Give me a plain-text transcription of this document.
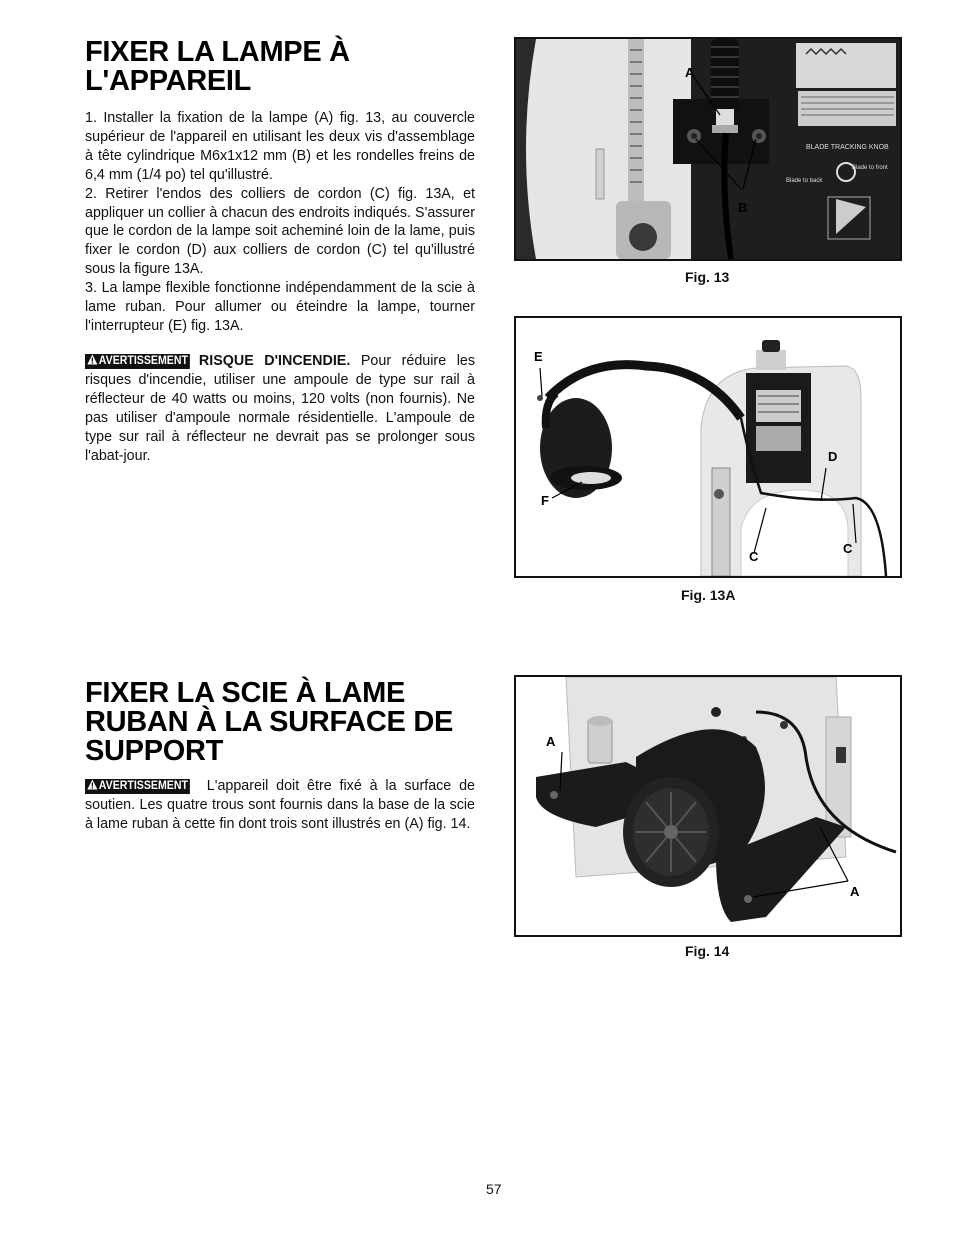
FIXER LA LAMPE À L'APPAREIL

1. Installer la fixation de la lampe (A) fig. 13, au couvercle supérieur de l'appareil en utilisant les deux vis d'assemblage à tête cylindrique M6x1x12 mm (B) et les rondelles freins de 6,4 mm (1/4 po) tel qu'illustré.

2. Retirer l'endos des colliers de cordon (C) fig. 13A, et appliquer un collier à chacun des endroits indiqués. S'assurer que le cordon de la lampe soit acheminé loin de la lame, puis fixer le cordon (D) aux colliers de cordon (C) tel qu'illustré sous la figure 13A.

3. La lampe flexible fonctionne indépendamment de la scie à lame ruban. Pour allumer ou éteindre la lampe, tourner l'interrupteur (E) fig. 13A.

AVERTISSEMENT RISQUE D'INCENDIE. Pour réduire les risques d'incendie, utiliser une ampoule de type sur rail à réflecteur de 40 watts ou moins, 120 volts (non fournis). Ne pas utiliser d'ampoule normale résidentielle. L'ampoule de type sur rail à réflecteur ne devrait pas se prolonger sous l'abat-jour.

FIXER LA SCIE À LAME RUBAN À LA SURFACE DE SUPPORT

AVERTISSEMENT L'appareil doit être fixé à la surface de soutien. Les quatre trous sont fournis dans la base de la scie à lame ruban à cette fin dont trois sont illustrés en (A) fig. 14.

BLADE TRACKING KNOB
Blade to front
Blade to back
A
B
Fig. 13
E
F
D
C
C
Fig. 13A
A
A
Fig. 14
57
